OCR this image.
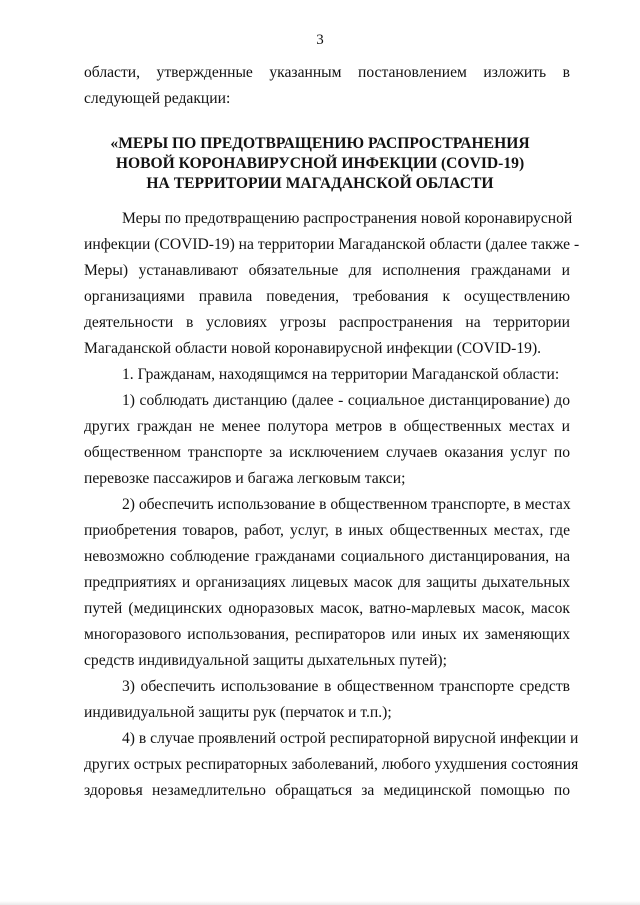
3
области, утвержденные указанным постановлением изложить в
следующей редакции:
«МЕРЫ ПО ПРЕДОТВРАЩЕНИЮ РАСПРОСТРАНЕНИЯ
НОВОЙ КОРОНАВИРУСНОЙ ИНФЕКЦИИ (COVID-19)
НА ТЕРРИТОРИИ МАГАДАНСКОЙ ОБЛАСТИ
Меры по предотвращению распространения новой коронавирусной
инфекции (COVID-19) на территории Магаданской области (далее также -
Меры) устанавливают обязательные для исполнения гражданами и
организациями правила поведения, требования к осуществлению
деятельности в условиях угрозы распространения на территории
Магаданской области новой коронавирусной инфекции (COVID-19).
1. Гражданам, находящимся на территории Магаданской области:
1) соблюдать дистанцию (далее - социальное дистанцирование) до
других граждан не менее полутора метров в общественных местах и
общественном транспорте за исключением случаев оказания услуг по
перевозке пассажиров и багажа легковым такси;
2) обеспечить использование в общественном транспорте, в местах
приобретения товаров, работ, услуг, в иных общественных местах, где
невозможно соблюдение гражданами социального дистанцирования, на
предприятиях и организациях лицевых масок для защиты дыхательных
путей (медицинских одноразовых масок, ватно-марлевых масок, масок
многоразового использования, респираторов или иных их заменяющих
средств индивидуальной защиты дыхательных путей);
3) обеспечить использование в общественном транспорте средств
индивидуальной защиты рук (перчаток и т.п.);
4) в случае проявлений острой респираторной вирусной инфекции и
других острых респираторных заболеваний, любого ухудшения состояния
здоровья незамедлительно обращаться за медицинской помощью по
